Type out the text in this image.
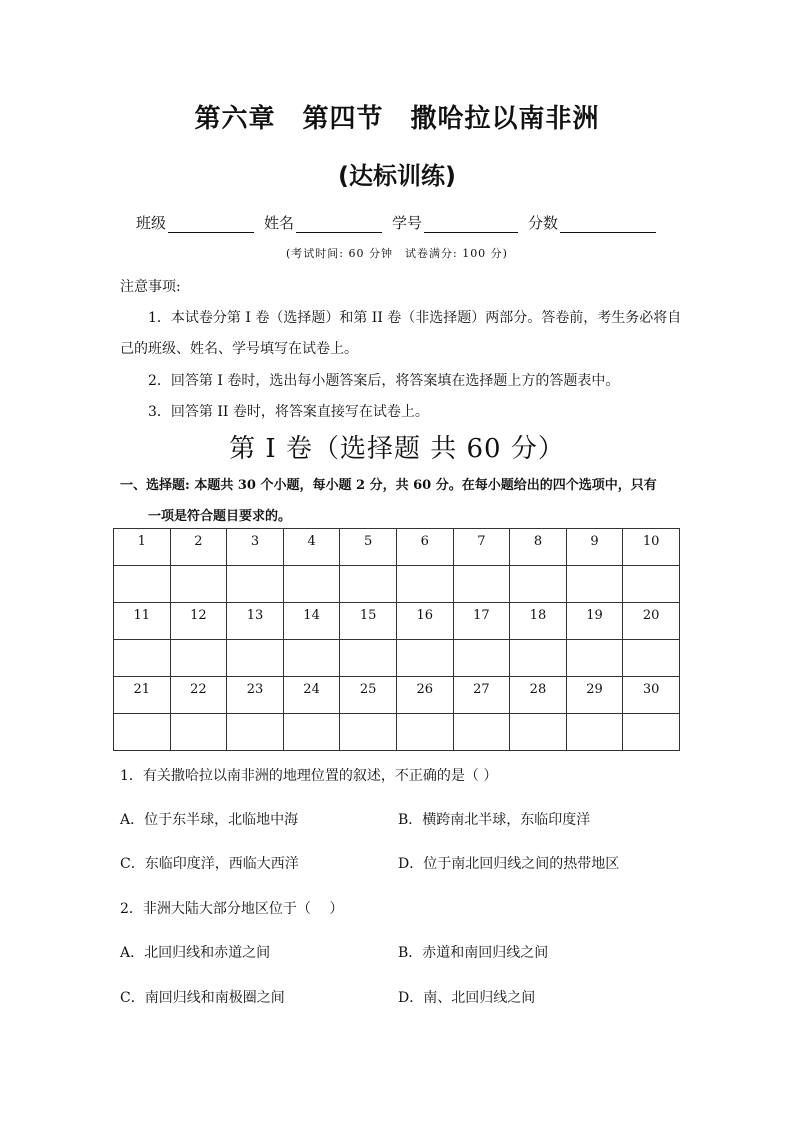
第六章　第四节　撒哈拉以南非洲
(达标训练)
班级	姓名	学号	分数
(考试时间: 60 分钟　试卷满分: 100 分)
注意事项:
1．本试卷分第 I 卷（选择题）和第 II 卷（非选择题）两部分。答卷前，考生务必将自
己的班级、姓名、学号填写在试卷上。
2．回答第 I 卷时，选出每小题答案后，将答案填在选择题上方的答题表中。
3．回答第 II 卷时，将答案直接写在试卷上。
第 I 卷（选择题 共 60 分）
一、选择题: 本题共 30 个小题，每小题 2 分，共 60 分。在每小题给出的四个选项中，只有
一项是符合题目要求的。
1	2	3	4	5	6	7	8	9	10

11	12	13	14	15	16	17	18	19	20

21	22	23	24	25	26	27	28	29	30

1．有关撒哈拉以南非洲的地理位置的叙述，不正确的是（ ）
A．位于东半球，北临地中海	B．横跨南北半球，东临印度洋
C．东临印度洋，西临大西洋	D．位于南北回归线之间的热带地区
2．非洲大陆大部分地区位于（　 ）
A．北回归线和赤道之间	B．赤道和南回归线之间
C．南回归线和南极圈之间	D．南、北回归线之间
